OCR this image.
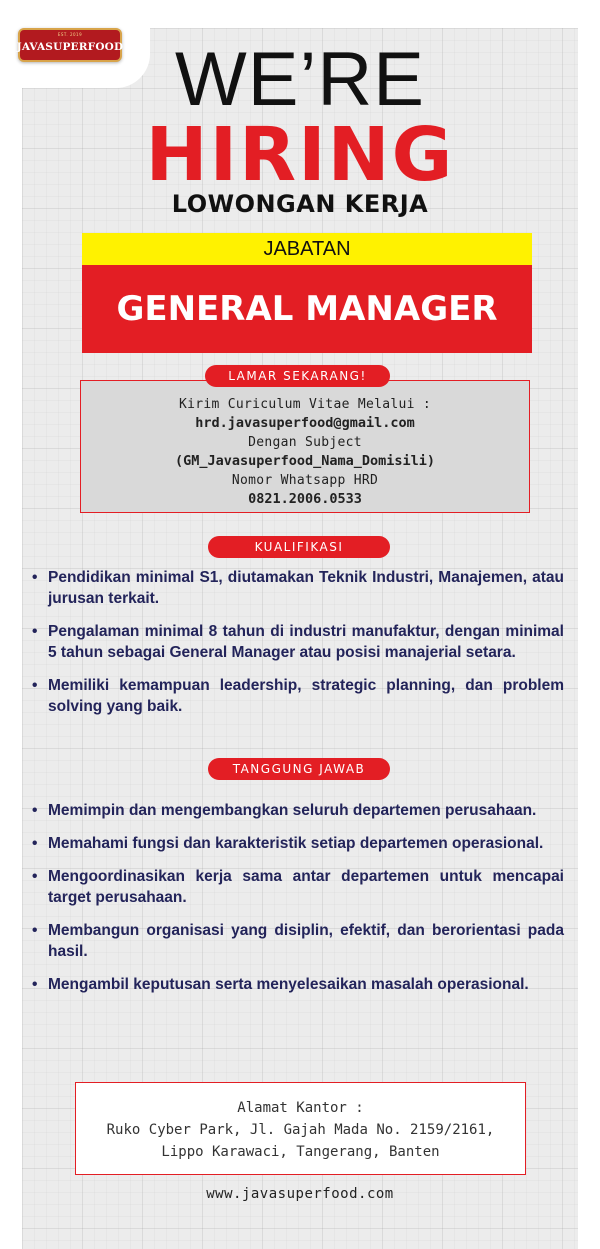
EST. 2019
JAVASUPERFOOD WE’RE
HIRING
LOWONGAN KERJA
JABATAN
GENERAL MANAGER
Kirim Curiculum Vitae Melalui :
hrd.javasuperfood@gmail.com
Dengan Subject
(GM_Javasuperfood_Nama_Domisili)
Nomor Whatsapp HRD
0821.2006.0533
LAMAR SEKARANG!
KUALIFIKASI
• Pendidikan minimal S1, diutamakan Teknik Industri, Manajemen, atau jurusan terkait.
• Pengalaman minimal 8 tahun di industri manufaktur, dengan minimal 5 tahun sebagai General Manager atau posisi manajerial setara.
• Memiliki kemampuan leadership, strategic planning, dan problem solving yang baik.
TANGGUNG JAWAB
• Memimpin dan mengembangkan seluruh departemen perusahaan.
• Memahami fungsi dan karakteristik setiap departemen operasional.
• Mengoordinasikan kerja sama antar departemen untuk mencapai target perusahaan.
• Membangun organisasi yang disiplin, efektif, dan berorientasi pada hasil.
• Mengambil keputusan serta menyelesaikan masalah operasional.
Alamat Kantor :
Ruko Cyber Park, Jl. Gajah Mada No. 2159/2161,
Lippo Karawaci, Tangerang, Banten
www.javasuperfood.com
